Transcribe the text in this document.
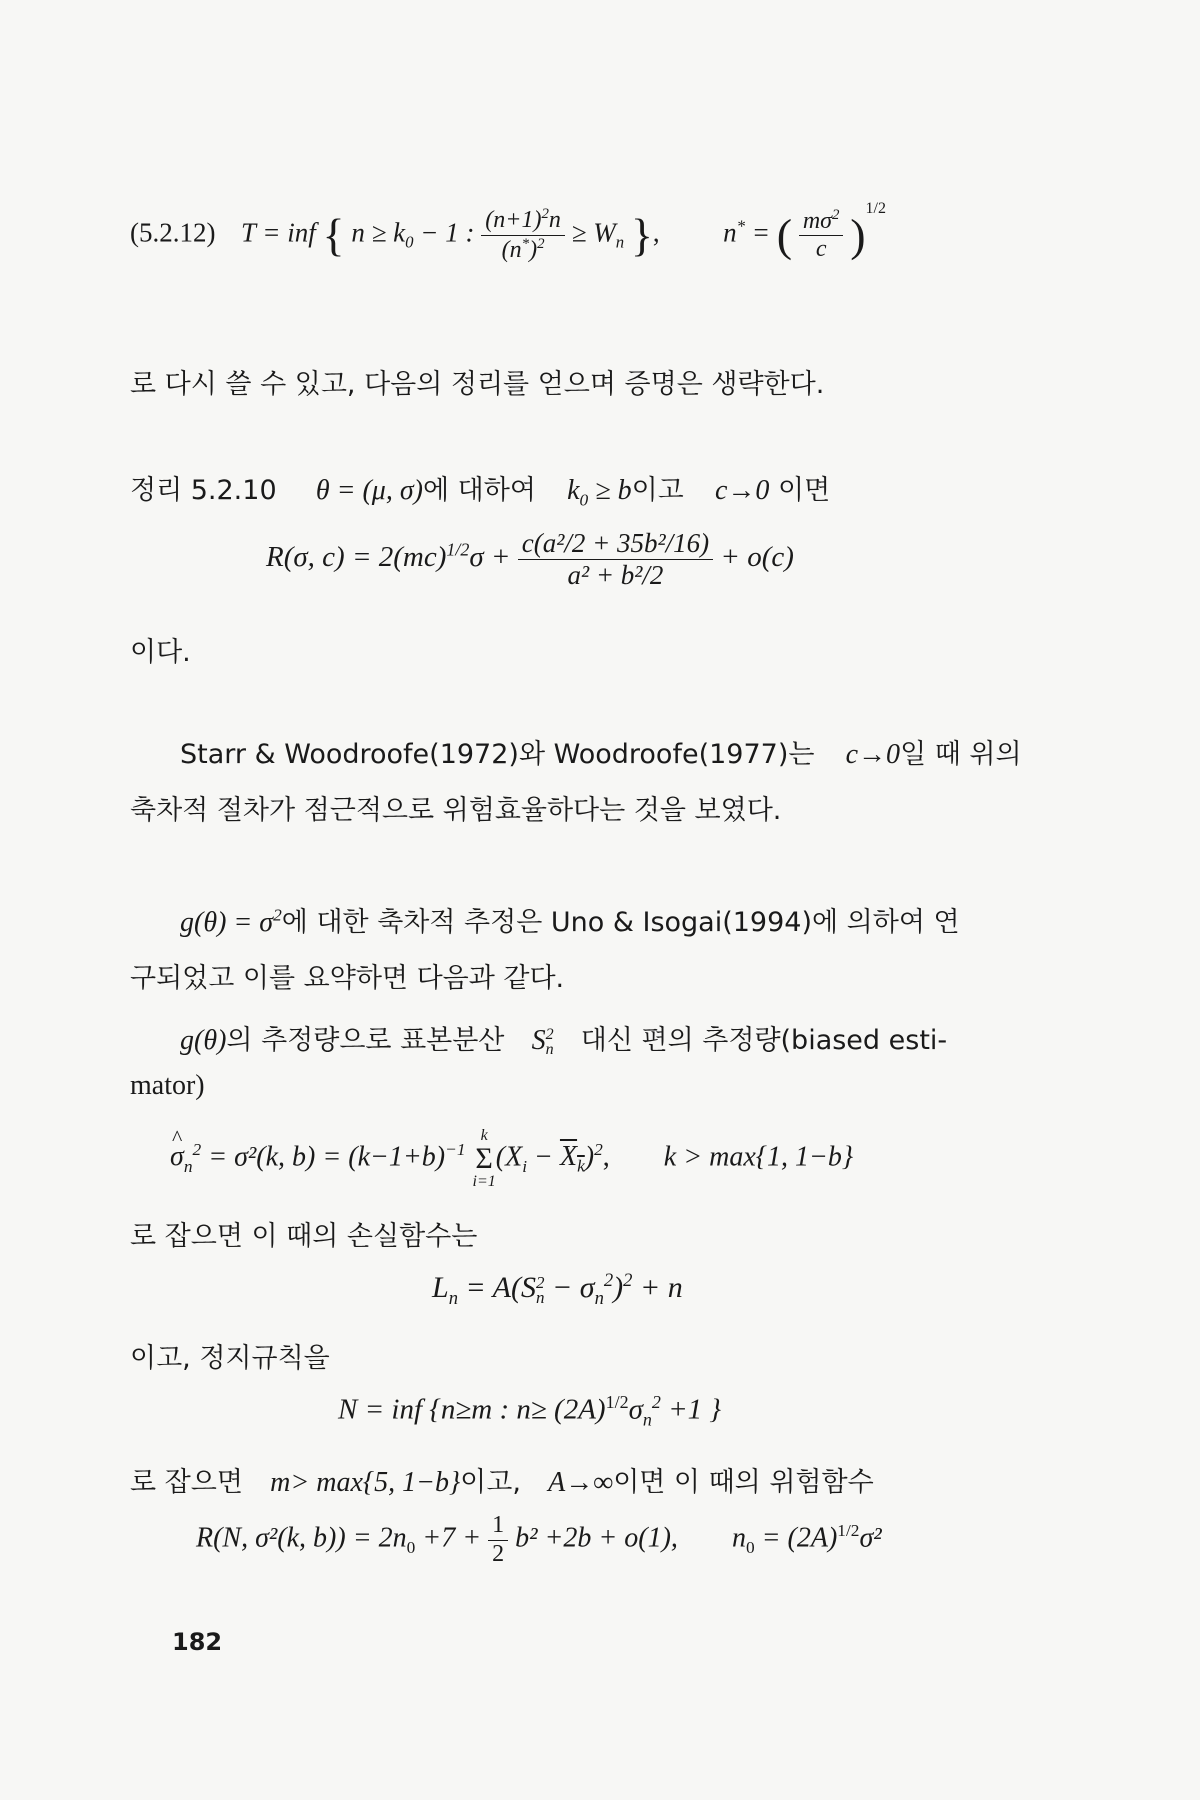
(5.2.12) T = inf { $n \ge k_0 - 1$ : $\frac{(n+1)^2n}{(n^*)^2} \ge W_n$ }, n* = ( $\frac{m\sigma^2}{c} )^{1/2}$
로 다시 쓸 수 있고, 다음의 정리를 얻으며 증명은 생략한다.
정리 5.2.10 θ = (μ, σ)에 대하여 $k_0 \ge b$이고 c→0 이면
R(σ, $c) = 2(mc)^{1/2}\sigma + \frac{\text{c(a²/2 + 35b²/16)}}{\text{a² + b²/2}} + o(c)$
이다.
Starr & Woodroofe(1972)와 Woodroofe(1977)는 c→0일 때 위의
축차적 절차가 점근적으로 위험효율하다는 것을 보였다.
$g(\theta) = \sigma^2$에 대한 축차적 추정은 Uno & Isogai(1994)에 의하여 연
구되었고 이를 요약하면 다음과 같다.
g(θ)의 추정량으로 표본분산 S 2
n 대신 편의 추정량(biased esti-
mator)
^ $\sigma_n^2 = \sigma^2(k$, $b) = (k-1+b)^{-1}$
k
Σ
i=1
$(X_i - X_k)^2$, k > max{1, 1−b}
로 잡으면 이 때의 손실함수는
$L_n = A(S$ 2
$n - \sigma_n^2)^2 + n$
이고, 정지규칙을
N = inf {n≥m : $n\ge (2A)^{1/2}\sigma_n^2 +1$ }
로 잡으면 m> max{5, 1−b}이고, A→∞이면 이 때의 위험함수
R(N, σ²(k, $b)) = 2n_0 +7 + \frac{1}{2} b^2 +2b + o(1)$, $n_0 = (2A)^{1/2}\sigma^2$
182
